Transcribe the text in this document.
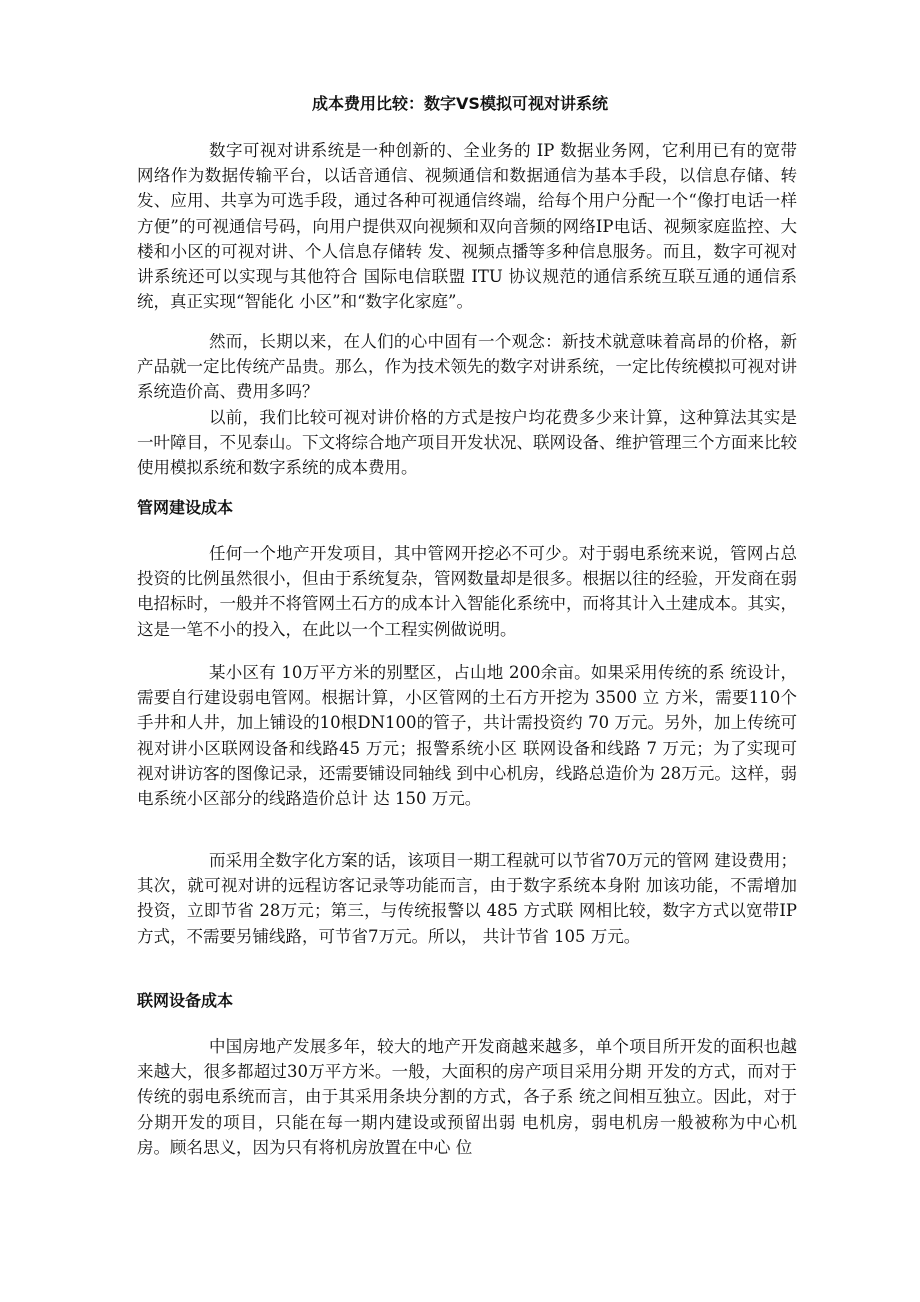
成本费用比较：数字VS模拟可视对讲系统

数字可视对讲系统是一种创新的、全业务的 IP 数据业务网，它利用已有的宽带网络作为数据传输平台，以话音通信、视频通信和数据通信为基本手段，以信息存储、转发、应用、共享为可选手段，通过各种可视通信终端，给每个用户分配一个“像打电话一样方便”的可视通信号码，向用户提供双向视频和双向音频的网络IP电话、视频家庭监控、大楼和小区的可视对讲、个人信息存储转 发、视频点播等多种信息服务。而且，数字可视对讲系统还可以实现与其他符合 国际电信联盟 ITU 协议规范的通信系统互联互通的通信系统，真正实现“智能化 小区”和“数字化家庭”。

然而，长期以来，在人们的心中固有一个观念：新技术就意味着高昂的价格，新产品就一定比传统产品贵。那么，作为技术领先的数字对讲系统，一定比传统模拟可视对讲系统造价高、费用多吗？

以前，我们比较可视对讲价格的方式是按户均花费多少来计算，这种算法其实是一叶障目，不见泰山。下文将综合地产项目开发状况、联网设备、维护管理三个方面来比较使用模拟系统和数字系统的成本费用。

管网建设成本

任何一个地产开发项目，其中管网开挖必不可少。对于弱电系统来说，管网占总投资的比例虽然很小，但由于系统复杂，管网数量却是很多。根据以往的经验，开发商在弱电招标时，一般并不将管网土石方的成本计入智能化系统中，而将其计入土建成本。其实，这是一笔不小的投入，在此以一个工程实例做说明。

某小区有 10万平方米的别墅区，占山地 200余亩。如果采用传统的系 统设计，需要自行建设弱电管网。根据计算，小区管网的土石方开挖为 3500 立 方米，需要110个手井和人井，加上铺设的10根DN100的管子，共计需投资约 70 万元。另外，加上传统可视对讲小区联网设备和线路45 万元；报警系统小区 联网设备和线路 7 万元；为了实现可视对讲访客的图像记录，还需要铺设同轴线 到中心机房，线路总造价为 28万元。这样，弱电系统小区部分的线路造价总计 达 150 万元。

而采用全数字化方案的话，该项目一期工程就可以节省70万元的管网 建设费用；其次，就可视对讲的远程访客记录等功能而言，由于数字系统本身附 加该功能，不需增加投资，立即节省 28万元；第三，与传统报警以 485 方式联 网相比较，数字方式以宽带IP方式，不需要另铺线路，可节省7万元。所以， 共计节省 105 万元。

联网设备成本

中国房地产发展多年，较大的地产开发商越来越多，单个项目所开发的面积也越来越大，很多都超过30万平方米。一般，大面积的房产项目采用分期 开发的方式，而对于传统的弱电系统而言，由于其采用条块分割的方式，各子系 统之间相互独立。因此，对于分期开发的项目，只能在每一期内建设或预留出弱 电机房，弱电机房一般被称为中心机房。顾名思义，因为只有将机房放置在中心 位
